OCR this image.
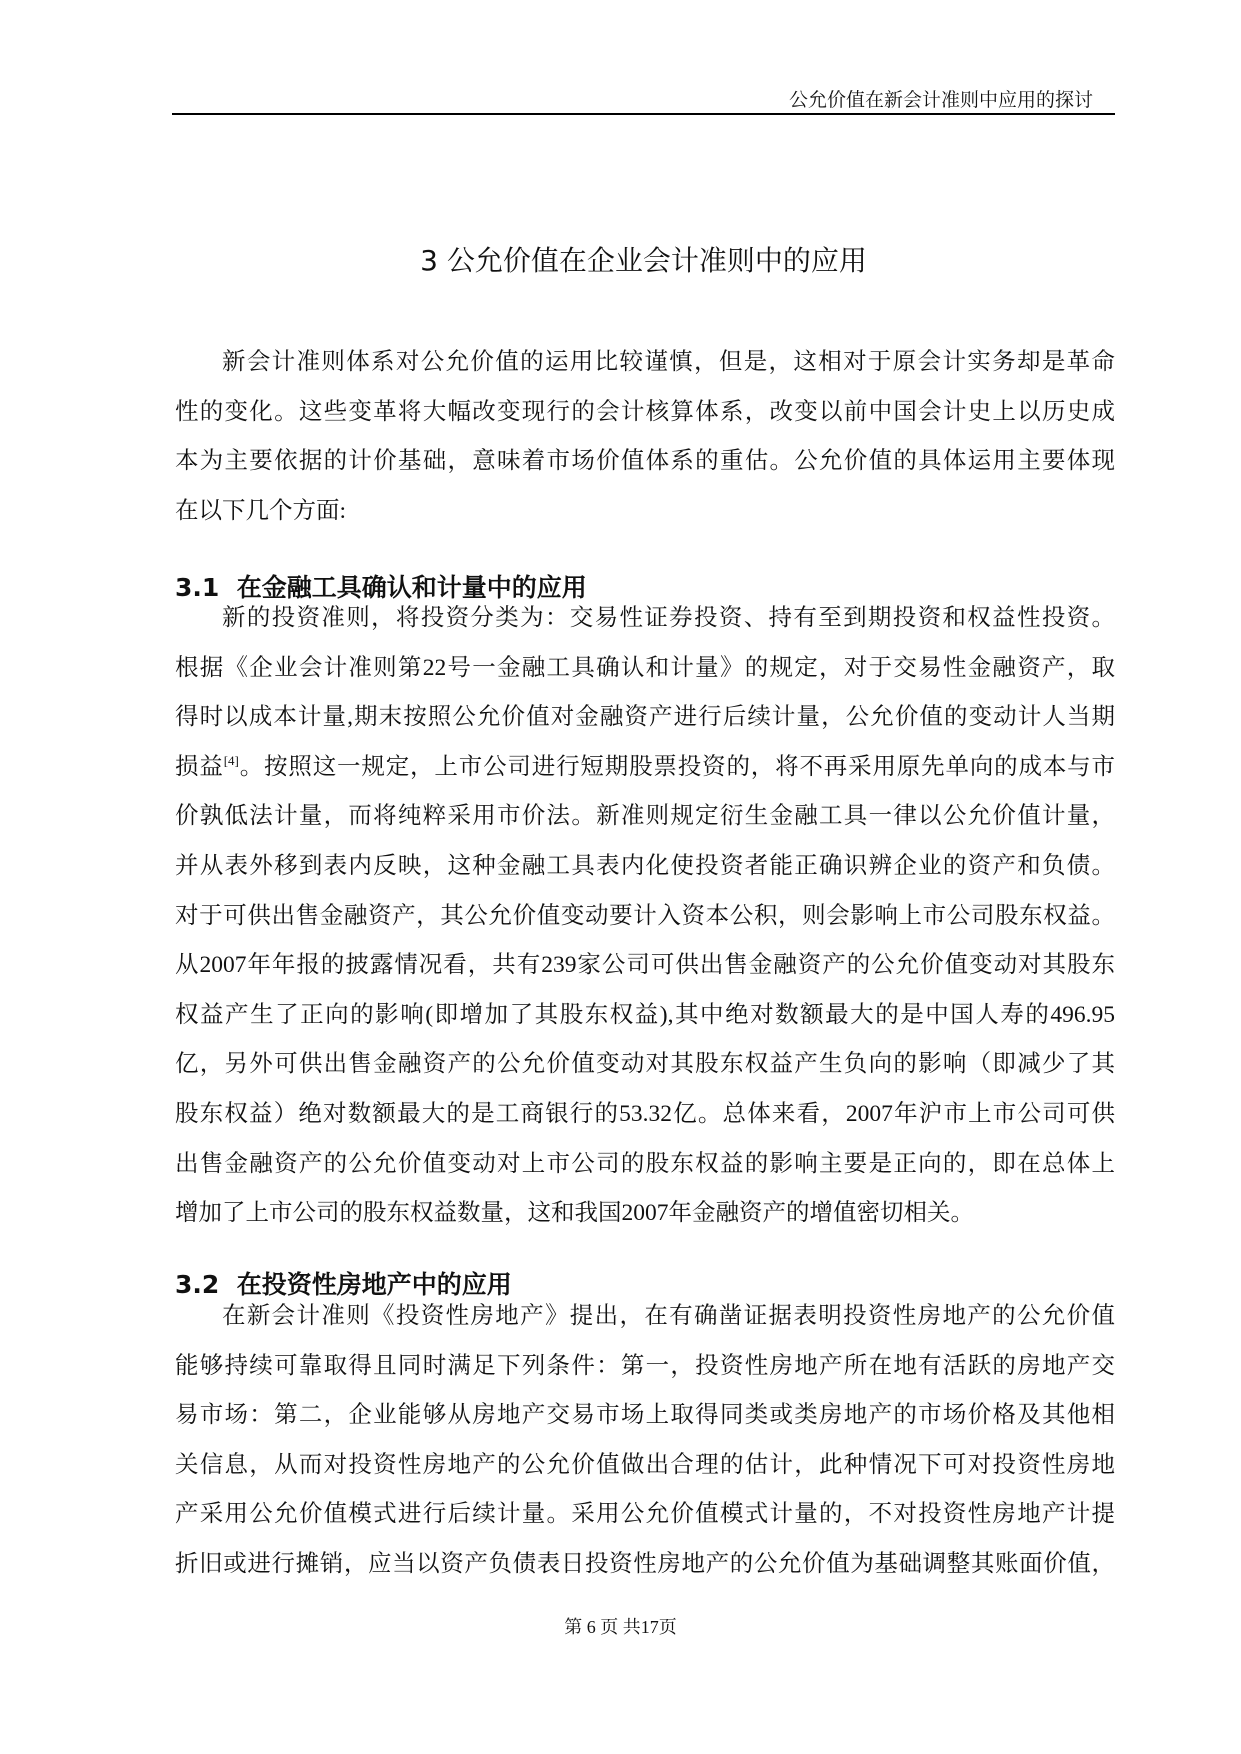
公允价值在新会计准则中应用的探讨
3 公允价值在企业会计准则中的应用
新会计准则体系对公允价值的运用比较谨慎，但是，这相对于原会计实务却是革命
性的变化。这些变革将大幅改变现行的会计核算体系，改变以前中国会计史上以历史成
本为主要依据的计价基础，意味着市场价值体系的重估。公允价值的具体运用主要体现
在以下几个方面:
3.1  在金融工具确认和计量中的应用
新的投资准则，将投资分类为：交易性证券投资、持有至到期投资和权益性投资。
根据《企业会计准则第22号一金融工具确认和计量》的规定，对于交易性金融资产，取
得时以成本计量,期末按照公允价值对金融资产进行后续计量，公允价值的变动计人当期
损益[4]。按照这一规定，上市公司进行短期股票投资的，将不再采用原先单向的成本与市
价孰低法计量，而将纯粹采用市价法。新准则规定衍生金融工具一律以公允价值计量，
并从表外移到表内反映，这种金融工具表内化使投资者能正确识辨企业的资产和负债。
对于可供出售金融资产，其公允价值变动要计入资本公积，则会影响上市公司股东权益。
从2007年年报的披露情况看，共有239家公司可供出售金融资产的公允价值变动对其股东
权益产生了正向的影响(即增加了其股东权益),其中绝对数额最大的是中国人寿的496.95
亿，另外可供出售金融资产的公允价值变动对其股东权益产生负向的影响（即减少了其
股东权益）绝对数额最大的是工商银行的53.32亿。总体来看，2007年沪市上市公司可供
出售金融资产的公允价值变动对上市公司的股东权益的影响主要是正向的，即在总体上
增加了上市公司的股东权益数量，这和我国2007年金融资产的增值密切相关。
3.2  在投资性房地产中的应用
在新会计准则《投资性房地产》提出，在有确凿证据表明投资性房地产的公允价值
能够持续可靠取得且同时满足下列条件：第一，投资性房地产所在地有活跃的房地产交
易市场：第二，企业能够从房地产交易市场上取得同类或类房地产的市场价格及其他相
关信息，从而对投资性房地产的公允价值做出合理的估计，此种情况下可对投资性房地
产采用公允价值模式进行后续计量。采用公允价值模式计量的，不对投资性房地产计提
折旧或进行摊销，应当以资产负债表日投资性房地产的公允价值为基础调整其账面价值，
第 6 页 共17页
